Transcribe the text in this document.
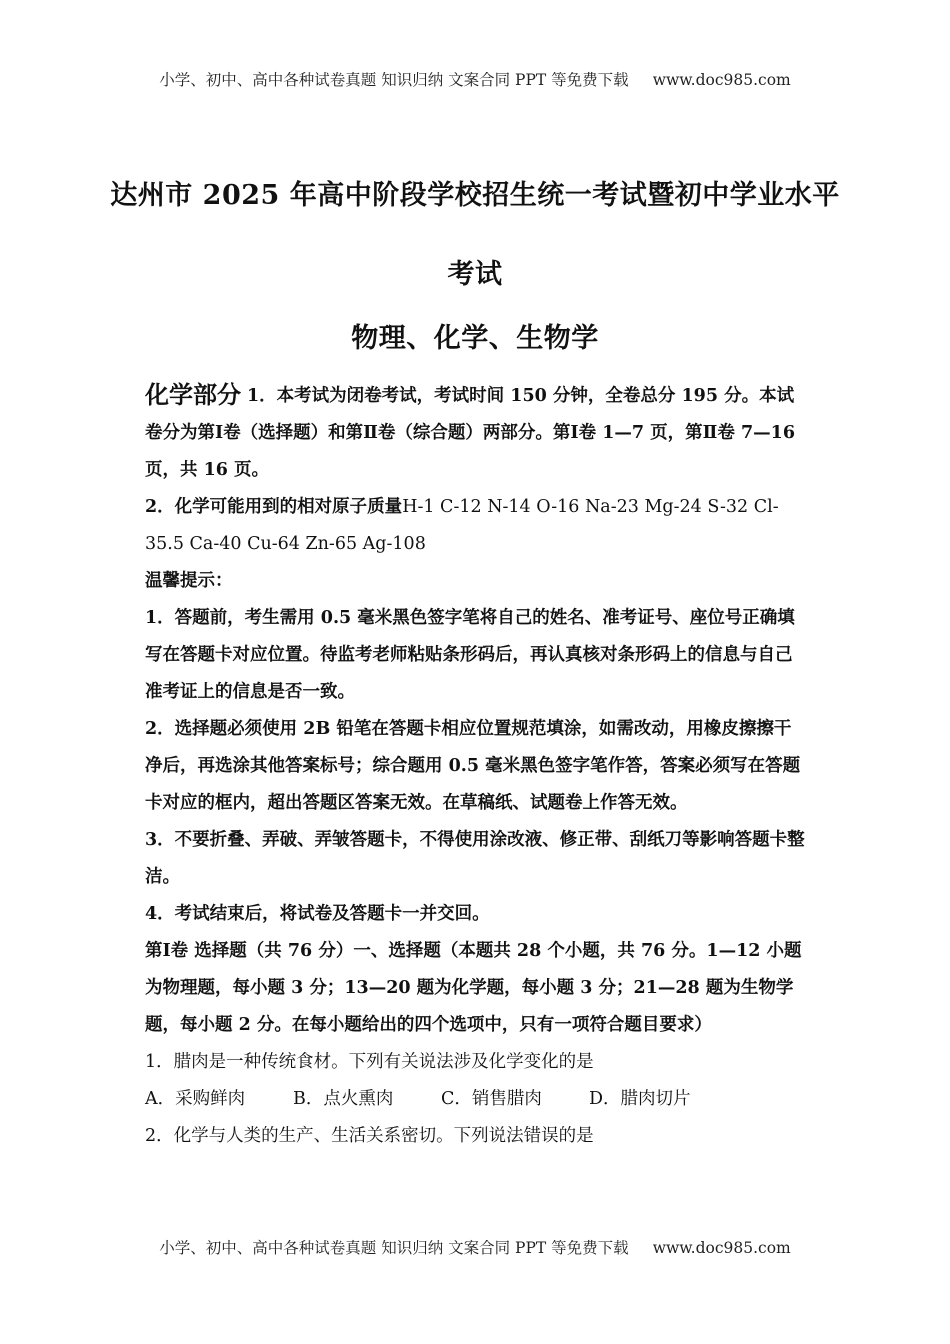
小学、初中、高中各种试卷真题 知识归纳 文案合同 PPT 等免费下载 www.doc985.com
达州市 2025 年高中阶段学校招生统一考试暨初中学业水平
考试
物理、化学、生物学

化学部分 1．本考试为闭卷考试，考试时间 150 分钟，全卷总分 195 分。本试卷分为第Ⅰ卷（选择题）和第Ⅱ卷（综合题）两部分。第Ⅰ卷 1—7 页，第Ⅱ卷 7—16 页，共 16 页。

2．化学可能用到的相对原子质量H-1 C-12 N-14 O-16 Na-23 Mg-24 S-32 Cl-35.5 Ca-40 Cu-64 Zn-65 Ag-108

温馨提示：

1．答题前，考生需用 0.5 毫米黑色签字笔将自己的姓名、准考证号、座位号正确填写在答题卡对应位置。待监考老师粘贴条形码后，再认真核对条形码上的信息与自己准考证上的信息是否一致。

2．选择题必须使用 2B 铅笔在答题卡相应位置规范填涂，如需改动，用橡皮擦擦干净后，再选涂其他答案标号；综合题用 0.5 毫米黑色签字笔作答，答案必须写在答题卡对应的框内，超出答题区答案无效。在草稿纸、试题卷上作答无效。

3．不要折叠、弄破、弄皱答题卡，不得使用涂改液、修正带、刮纸刀等影响答题卡整洁。

4．考试结束后，将试卷及答题卡一并交回。

第Ⅰ卷 选择题（共 76 分）一、选择题（本题共 28 个小题，共 76 分。1—12 小题为物理题，每小题 3 分；13—20 题为化学题，每小题 3 分；21—28 题为生物学题，每小题 2 分。在每小题给出的四个选项中，只有一项符合题目要求）

1．腊肉是一种传统食材。下列有关说法涉及化学变化的是

A．采购鲜肉	B．点火熏肉	C．销售腊肉	D．腊肉切片

2．化学与人类的生产、生活关系密切。下列说法错误的是

小学、初中、高中各种试卷真题 知识归纳 文案合同 PPT 等免费下载 www.doc985.com
